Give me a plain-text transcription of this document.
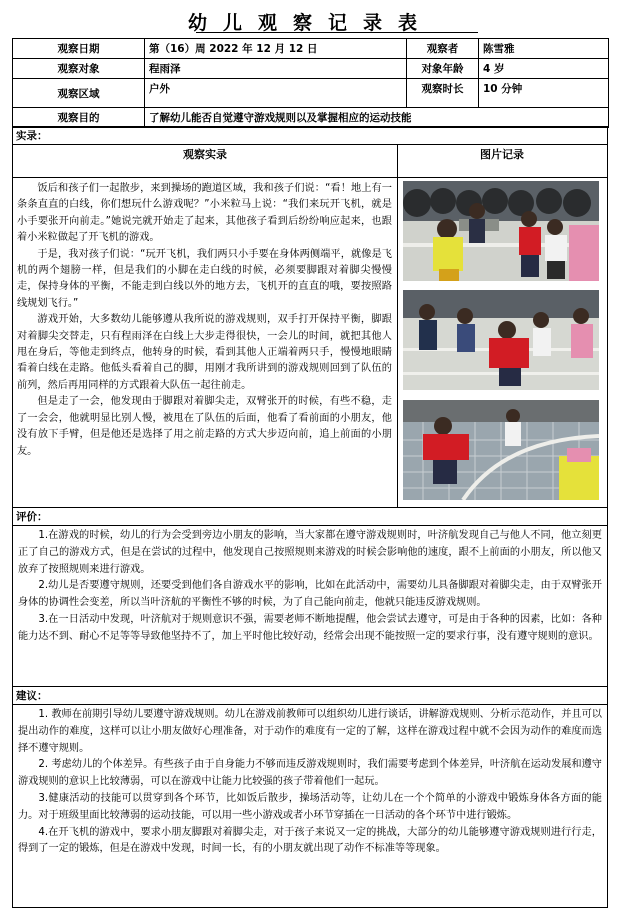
幼儿观察记录表
观察日期	第（16）周 2022 年 12 月 12 日	观察者	陈雪雅
观察对象	程雨泽	对象年龄	4 岁
观察区域	户外	观察时长	10 分钟
观察目的	了解幼儿能否自觉遵守游戏规则以及掌握相应的运动技能		
实录：
观察实录	图片记录

饭后和孩子们一起散步，来到操场的跑道区域，我和孩子们说：“看！地上有一条条直直的白线，你们想玩什么游戏呢？”小米粒马上说：“我们来玩开飞机，就是小手要张开向前走。”她说完就开始走了起来，其他孩子看到后纷纷响应起来，也跟着小米粒做起了开飞机的游戏。

于是，我对孩子们说：“玩开飞机，我们两只小手要在身体两侧端平，就像是飞机的两个翅膀一样，但是我们的小脚在走白线的时候，必须要脚跟对着脚尖慢慢走，保持身体的平衡，不能走到白线以外的地方去，飞机开的直直的哦，要按照路线规划飞行。”

游戏开始，大多数幼儿能够遵从我所说的游戏规则，双手打开保持平衡，脚跟对着脚尖交替走，只有程雨泽在白线上大步走得很快，一会儿的时间，就把其他人甩在身后，等他走到终点，他转身的时候，看到其他人正端着两只手，慢慢地眼睛看着白线在走路。他低头看着自己的脚，用刚才我所讲到的游戏规则回到了队伍的前列，然后再用同样的方式跟着大队伍一起往前走。

但是走了一会，他发现由于脚跟对着脚尖走，双臂张开的时候，有些不稳，走了一会会，他就明显比别人慢，被甩在了队伍的后面，他看了看前面的小朋友，他没有放下手臂，但是他还是选择了用之前走路的方式大步迈向前，追上前面的小朋友。

评价：

1.在游戏的时候，幼儿的行为会受到旁边小朋友的影响，当大家都在遵守游戏规则时，叶济航发现自己与他人不同，他立刻更正了自己的游戏方式，但是在尝试的过程中，他发现自己按照规则来游戏的时候会影响他的速度，跟不上前面的小朋友，所以他又放弃了按照规则来进行游戏。

2.幼儿是否要遵守规则，还要受到他们各自游戏水平的影响，比如在此活动中，需要幼儿具备脚跟对着脚尖走，由于双臂张开身体的协调性会变差，所以当叶济航的平衡性不够的时候，为了自己能向前走，他就只能违反游戏规则。

3.在一日活动中发现，叶济航对于规则意识不强，需要老师不断地提醒，他会尝试去遵守，可是由于各种的因素，比如：各种能力达不到、耐心不足等等导致他坚持不了，加上平时他比较好动，经常会出现不能按照一定的要求行事，没有遵守规则的意识。

建议：

1. 教师在前期引导幼儿要遵守游戏规则。幼儿在游戏前教师可以组织幼儿进行谈话，讲解游戏规则、分析示范动作，并且可以提出动作的难度，这样可以让小朋友做好心理准备，对于动作的难度有一定的了解，这样在游戏过程中就不会因为动作的难度而选择不遵守规则。

2. 考虑幼儿的个体差异。有些孩子由于自身能力不够而违反游戏规则时，我们需要考虑到个体差异，叶济航在运动发展和遵守游戏规则的意识上比较薄弱，可以在游戏中让能力比较强的孩子带着他们一起玩。

3.健康活动的技能可以贯穿到各个环节，比如饭后散步，操场活动等，让幼儿在一个个简单的小游戏中锻炼身体各方面的能力。对于班级里面比较薄弱的运动技能，可以用一些小游戏或者小环节穿插在一日活动的各个环节中进行锻炼。

4.在开飞机的游戏中，要求小朋友脚跟对着脚尖走，对于孩子来说又一定的挑战，大部分的幼儿能够遵守游戏规则进行行走，得到了一定的锻炼，但是在游戏中发现，时间一长，有的小朋友就出现了动作不标准等等现象。
